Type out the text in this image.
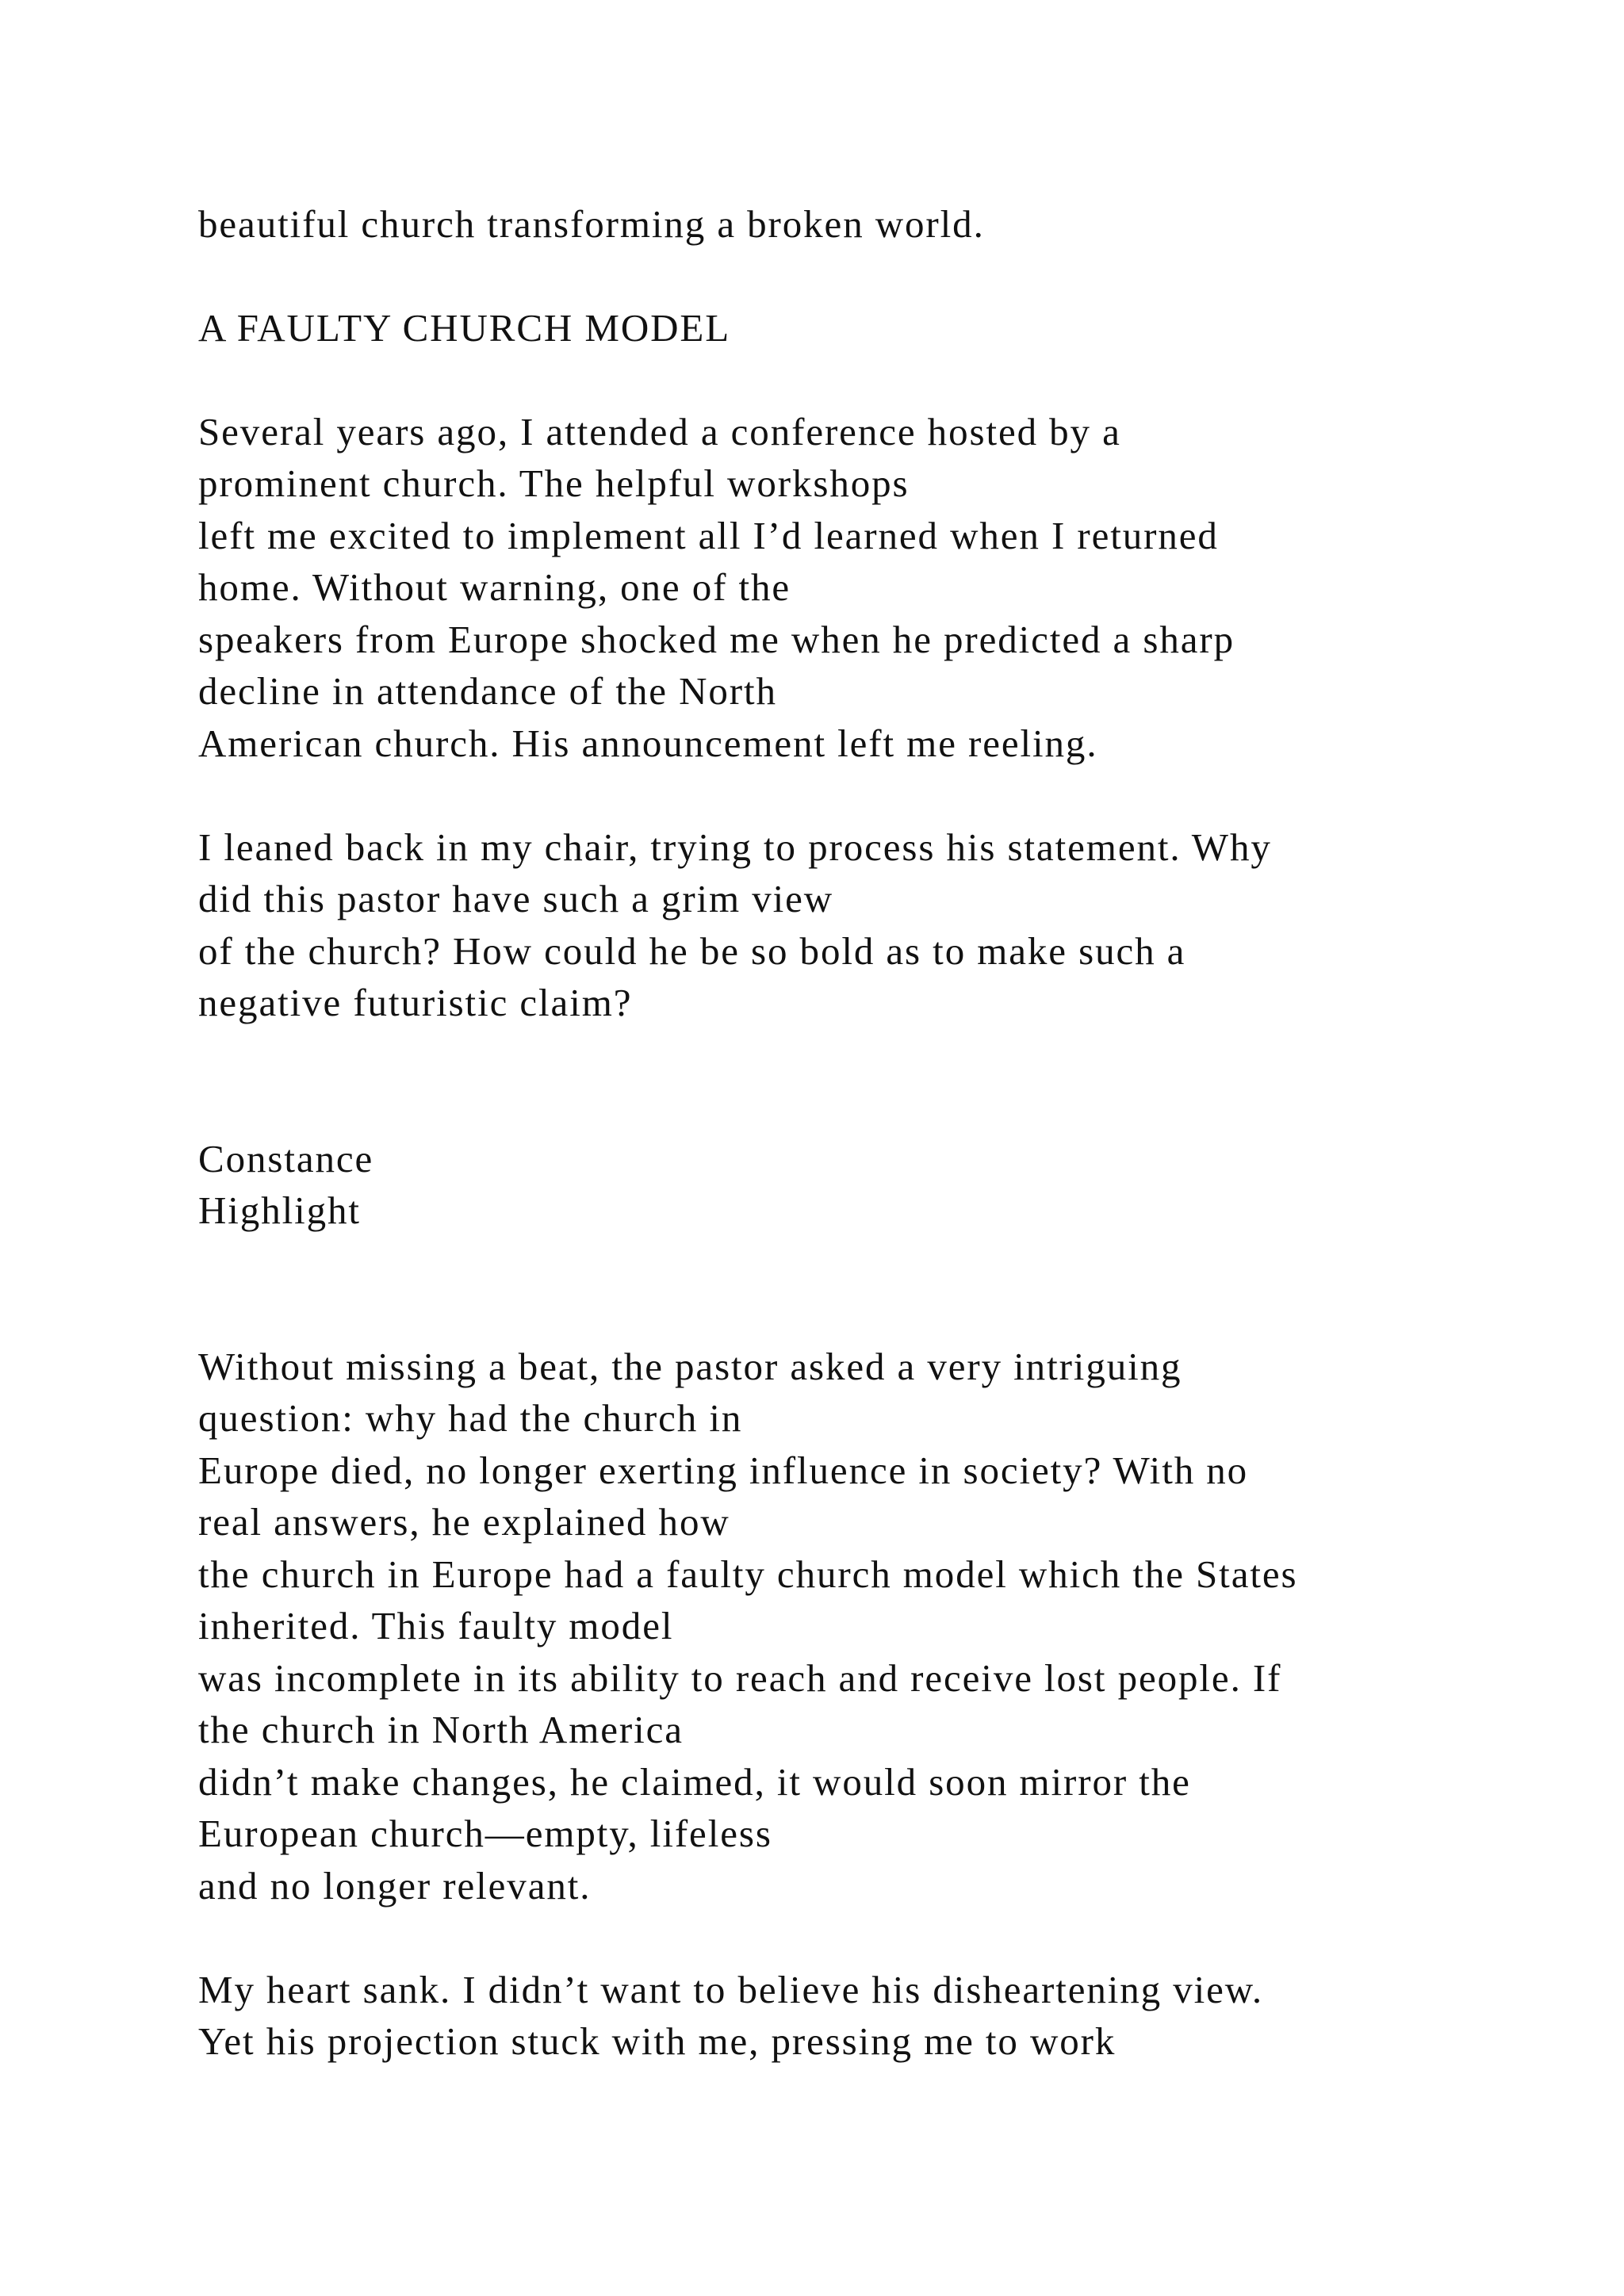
beautiful church transforming a broken world.

A FAULTY CHURCH MODEL

Several years ago, I attended a conference hosted by a

prominent church. The helpful workshops

left me excited to implement all I’d learned when I returned

home. Without warning, one of the

speakers from Europe shocked me when he predicted a sharp

decline in attendance of the North

American church. His announcement left me reeling.

I leaned back in my chair, trying to process his statement. Why

did this pastor have such a grim view

of the church? How could he be so bold as to make such a

negative futuristic claim?

Constance

Highlight

Without missing a beat, the pastor asked a very intriguing

question: why had the church in

Europe died, no longer exerting influence in society? With no

real answers, he explained how

the church in Europe had a faulty church model which the States

inherited. This faulty model

was incomplete in its ability to reach and receive lost people. If

the church in North America

didn’t make changes, he claimed, it would soon mirror the

European church—empty, lifeless

and no longer relevant.

My heart sank. I didn’t want to believe his disheartening view.

Yet his projection stuck with me, pressing me to work
